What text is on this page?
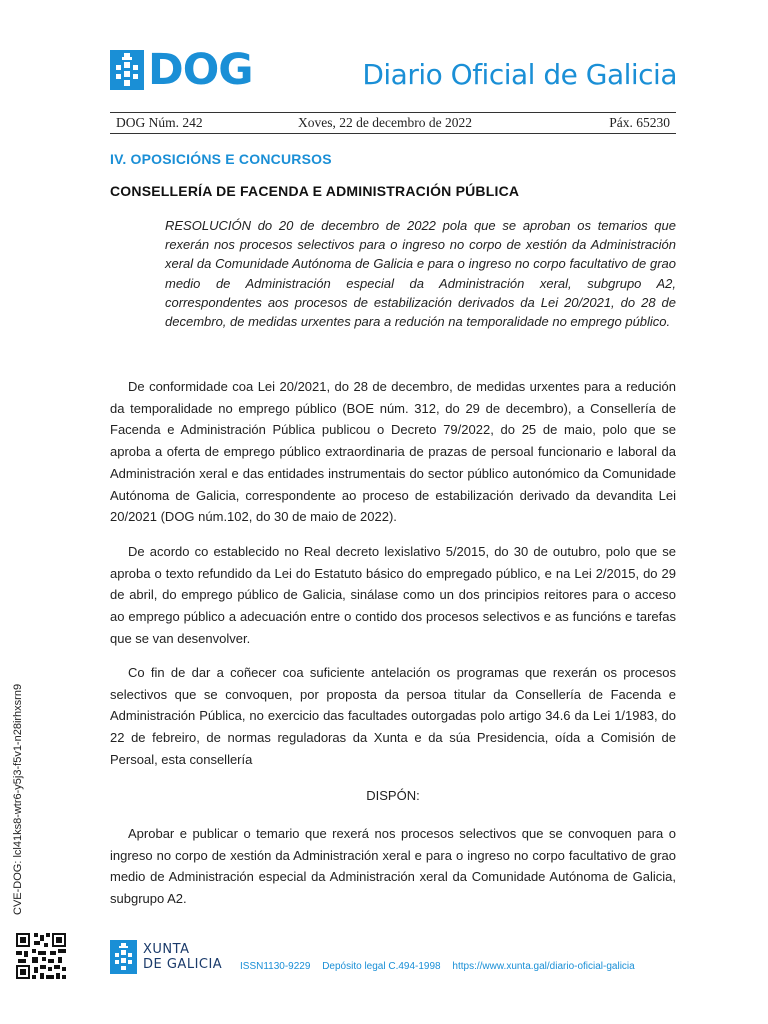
DOG	Diario Oficial de Galicia
DOG Núm. 242	Xoves, 22 de decembro de 2022	Páx. 65230
IV. OPOSICIÓNS E CONCURSOS
CONSELLERÍA DE FACENDA E ADMINISTRACIÓN PÚBLICA

RESOLUCIÓN do 20 de decembro de 2022 pola que se aproban os temarios que rexerán nos procesos selectivos para o ingreso no corpo de xestión da Administración xeral da Comunidade Autónoma de Galicia e para o ingreso no corpo facultativo de grao medio de Administración especial da Administración xeral, subgrupo A2, correspondentes aos procesos de estabilización derivados da Lei 20/2021, do 28 de decembro, de medidas urxentes para a redución na temporalidade no emprego público.

De conformidade coa Lei 20/2021, do 28 de decembro, de medidas urxentes para a redución da temporalidade no emprego público (BOE núm. 312, do 29 de decembro), a Consellería de Facenda e Administración Pública publicou o Decreto 79/2022, do 25 de maio, polo que se aproba a oferta de emprego público extraordinaria de prazas de persoal funcionario e laboral da Administración xeral e das entidades instrumentais do sector público autonómico da Comunidade Autónoma de Galicia, correspondente ao proceso de estabilización derivado da devandita Lei 20/2021 (DOG núm.102, do 30 de maio de 2022).

De acordo co establecido no Real decreto lexislativo 5/2015, do 30 de outubro, polo que se aproba o texto refundido da Lei do Estatuto básico do empregado público, e na Lei 2/2015, do 29 de abril, do emprego público de Galicia, sinálase como un dos principios reitores para o acceso ao emprego público a adecuación entre o contido dos procesos selectivos e as funcións e tarefas que se van desenvolver.

Co fin de dar a coñecer coa suficiente antelación os programas que rexerán os procesos selectivos que se convoquen, por proposta da persoa titular da Consellería de Facenda e Administración Pública, no exercicio das facultades outorgadas polo artigo 34.6 da Lei 1/1983, do 22 de febreiro, de normas reguladoras da Xunta e da súa Presidencia, oída a Comisión de Persoal, esta consellería

DISPÓN:

Aprobar e publicar o temario que rexerá nos procesos selectivos que se convoquen para o ingreso no corpo de xestión da Administración xeral e para o ingreso no corpo facultativo de grao medio de Administración especial da Administración xeral da Comunidade Autónoma de Galicia, subgrupo A2.

CVE-DOG: lcl41ks8-wtr6-y5j3-f5v1-n28irhxsrn9
XUNTA
DE GALICIA ISSN1130-9229 Depósito legal C.494-1998 https://www.xunta.gal/diario-oficial-galicia
